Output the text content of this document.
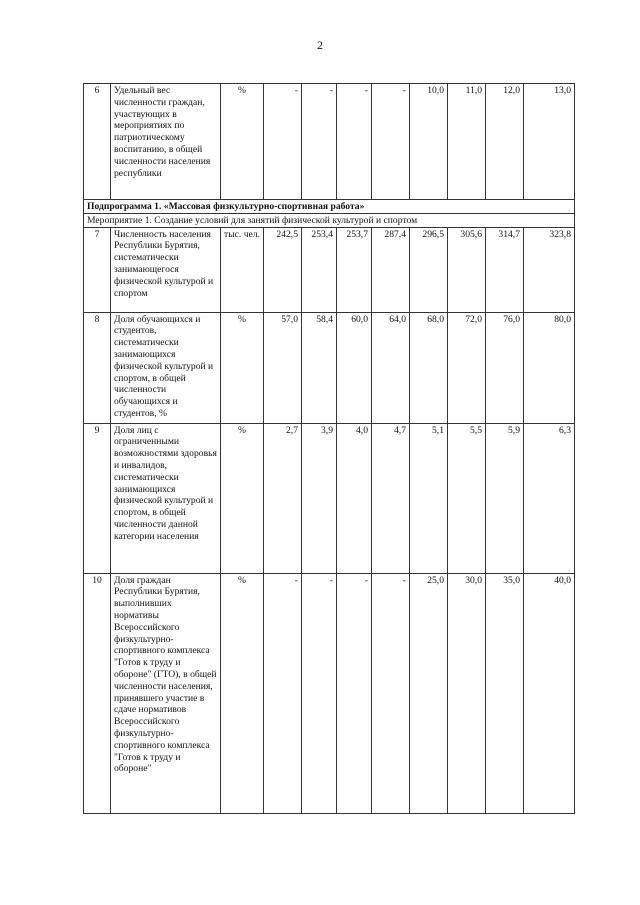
2
6	Удельный вес численности граждан, участвующих в мероприятиях по патриотическому воспитанию, в общей численности населения республики	%	-	-	-	-	10,0	11,0	12,0	13,0
Подпрограмма 1. «Массовая физкультурно-спортивная работа»										
Мероприятие 1. Создание условий для занятий физической культурой и спортом										
7	Численность населения Республики Бурятия, систематически занимающегося физической культурой и спортом	тыс. чел.	242,5	253,4	253,7	287,4	296,5	305,6	314,7	323,8
8	Доля обучающихся и студентов, систематически занимающихся физической культурой и спортом, в общей численности обучающихся и студентов, %	%	57,0	58,4	60,0	64,0	68,0	72,0	76,0	80,0
9	Доля лиц с ограниченными возможностями здоровья и инвалидов, систематически занимающихся физической культурой и спортом, в общей численности данной категории населения	%	2,7	3,9	4,0	4,7	5,1	5,5	5,9	6,3
10	Доля граждан Республики Бурятия, выполнивших нормативы Всероссийского физкультурно-спортивного комплекса "Готов к труду и обороне" (ГТО), в общей численности населения, принявшего участие в сдаче нормативов Всероссийского физкультурно-спортивного комплекса "Готов к труду и обороне"	%	-	-	-	-	25,0	30,0	35,0	40,0
